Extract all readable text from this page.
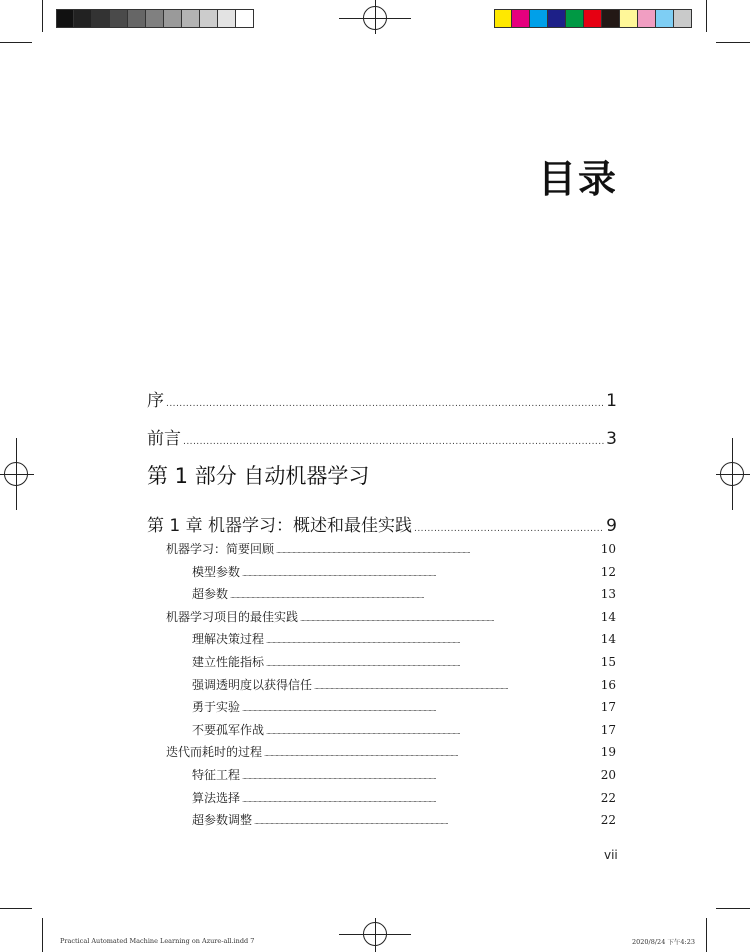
目录
序 . . .	1
前言 . . .	3
第 1 部分 自动机器学习
第 1 章 机器学习：概述和最佳实践 . . .	9
机器学习：简要回顾 . . .	10
模型参数 . . .	12
超参数 . . .	13
机器学习项目的最佳实践 . . .	14
理解决策过程 . . .	14
建立性能指标 . . .	15
强调透明度以获得信任 . . .	16
勇于实验 . . .	17
不要孤军作战 . . .	17
迭代而耗时的过程 . . .	19
特征工程 . . .	20
算法选择 . . .	22
超参数调整 . . .	22
vii
Practical Automated Machine Learning on Azure-all.indd 7	2020/8/24 下午4:23
